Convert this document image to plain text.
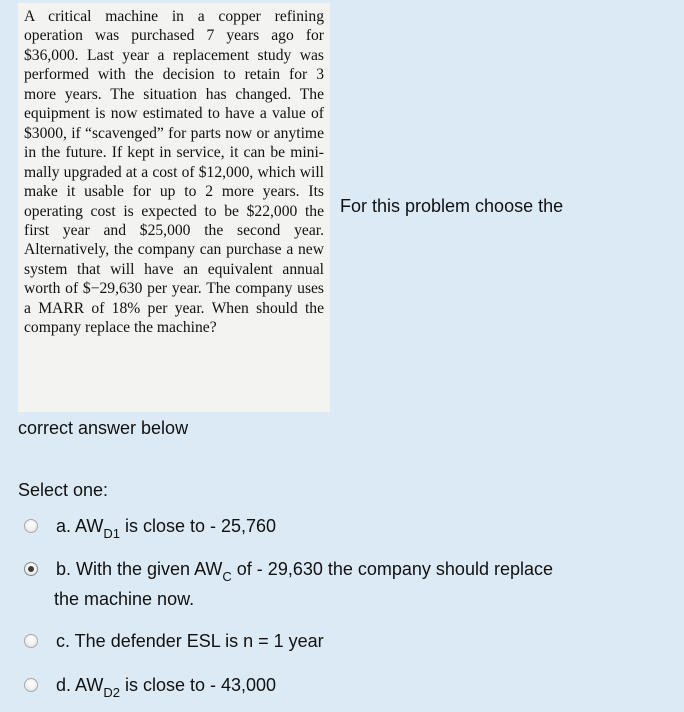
A critical machine in a copper refining operation was purchased 7 years ago for $36,000. Last year a replacement study was performed with the decision to retain for 3 more years. The situation has changed. The equipment is now estimated to have a value of $3000, if “scavenged” for parts now or anytime in the future. If kept in service, it can be minimally upgraded at a cost of $12,000, which will make it usable for up to 2 more years. Its operating cost is expected to be $22,000 the first year and $25,000 the second year. Alternatively, the company can purchase a new system that will have an equivalent annual worth of $−29,630 per year. The company uses a MARR of 18% per year. When should the company replace the machine?

For this problem choose the
correct answer below
Select one:
a. $AW_{D1}$ is close to - 25,760
b. With the given $AW_C$ of - 29,630 the company should replace
the machine now.
c. The defender ESL is n = 1 year
d. $AW_{D2}$ is close to - 43,000
